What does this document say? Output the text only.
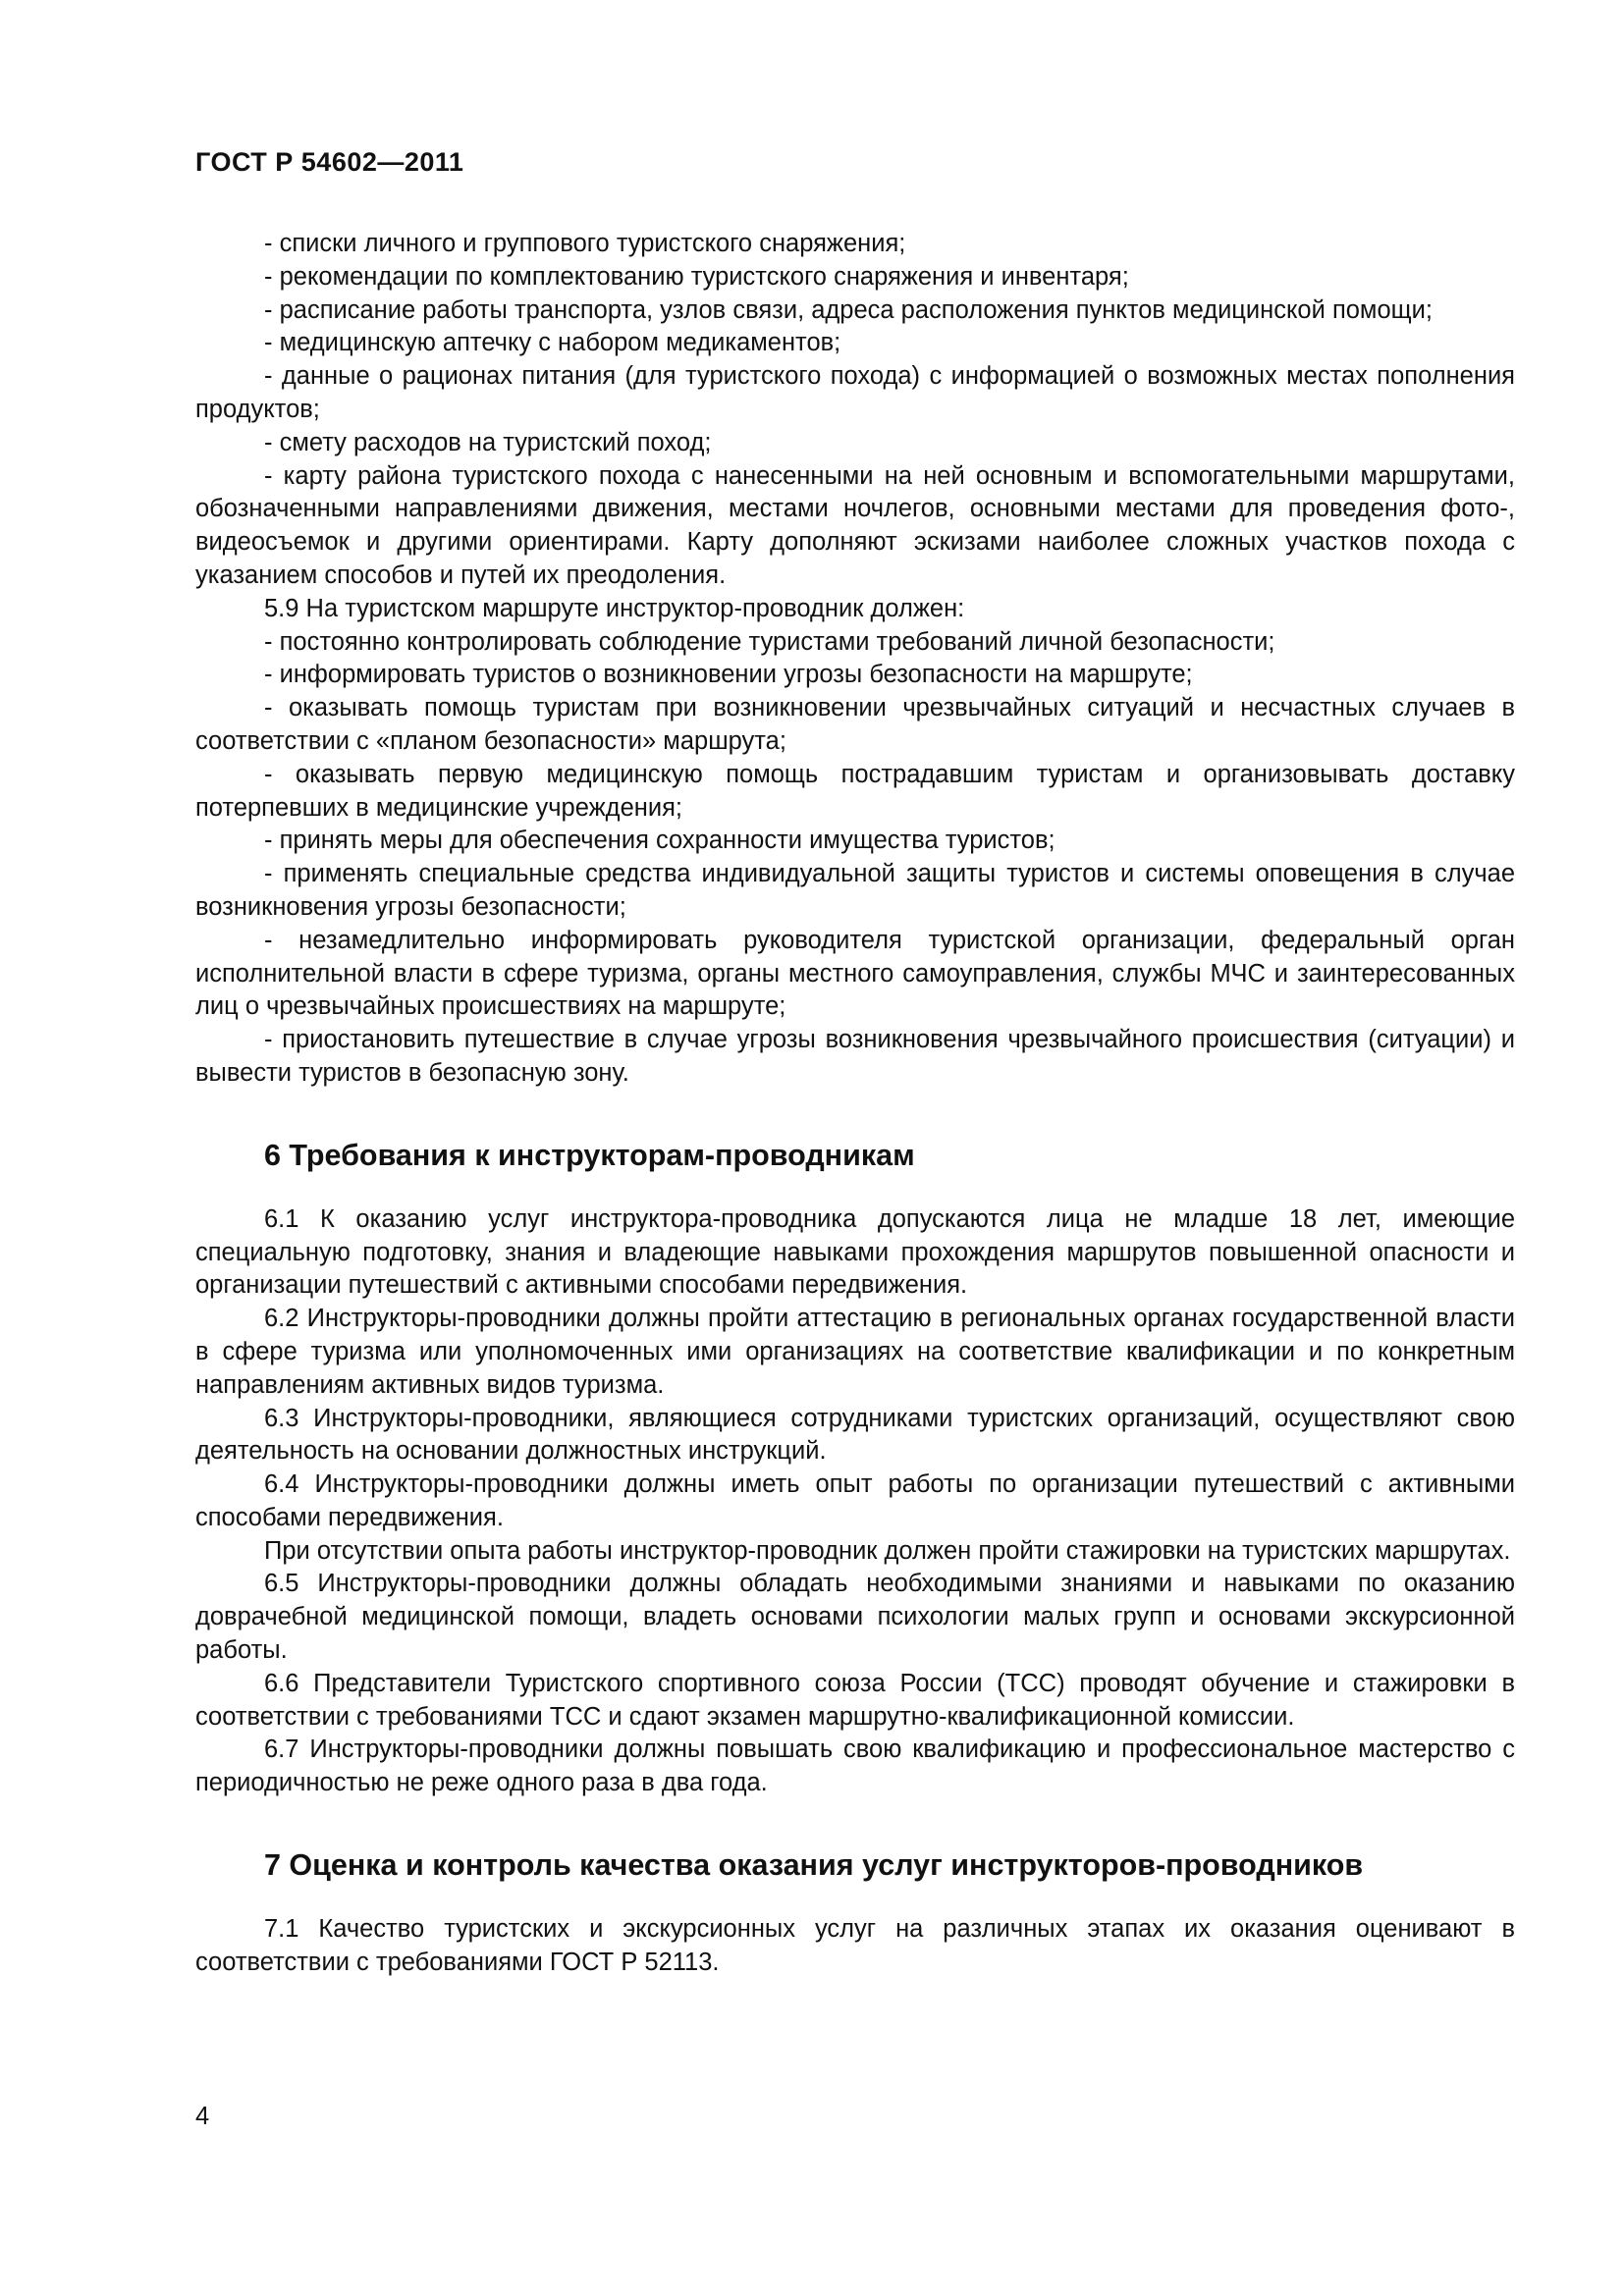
ГОСТ Р 54602—2011

- списки личного и группового туристского снаряжения;

- рекомендации по комплектованию туристского снаряжения и инвентаря;

- расписание работы транспорта, узлов связи, адреса расположения пунктов медицинской помощи;

- медицинскую аптечку с набором медикаментов;

- данные о рационах питания (для туристского похода) с информацией о возможных местах пополнения продуктов;

- смету расходов на туристский поход;

- карту района туристского похода с нанесенными на ней основным и вспомогательными маршрутами, обозначенными направлениями движения, местами ночлегов, основными местами для проведения фото-, видеосъемок и другими ориентирами. Карту дополняют эскизами наиболее сложных участков похода с указанием способов и путей их преодоления.

5.9 На туристском маршруте инструктор-проводник должен:

- постоянно контролировать соблюдение туристами требований личной безопасности;

- информировать туристов о возникновении угрозы безопасности на маршруте;

- оказывать помощь туристам при возникновении чрезвычайных ситуаций и несчастных случаев в соответствии с «планом безопасности» маршрута;

- оказывать первую медицинскую помощь пострадавшим туристам и организовывать доставку потерпевших в медицинские учреждения;

- принять меры для обеспечения сохранности имущества туристов;

- применять специальные средства индивидуальной защиты туристов и системы оповещения в случае возникновения угрозы безопасности;

- незамедлительно информировать руководителя туристской организации, федеральный орган исполнительной власти в сфере туризма, органы местного самоуправления, службы МЧС и заинтересованных лиц о чрезвычайных происшествиях на маршруте;

- приостановить путешествие в случае угрозы возникновения чрезвычайного происшествия (ситуации) и вывести туристов в безопасную зону.

6 Требования к инструкторам-проводникам

6.1 К оказанию услуг инструктора-проводника допускаются лица не младше 18 лет, имеющие специальную подготовку, знания и владеющие навыками прохождения маршрутов повышенной опасности и организации путешествий с активными способами передвижения.

6.2 Инструкторы-проводники должны пройти аттестацию в региональных органах государственной власти в сфере туризма или уполномоченных ими организациях на соответствие квалификации и по конкретным направлениям активных видов туризма.

6.3 Инструкторы-проводники, являющиеся сотрудниками туристских организаций, осуществляют свою деятельность на основании должностных инструкций.

6.4 Инструкторы-проводники должны иметь опыт работы по организации путешествий с активными способами передвижения.

При отсутствии опыта работы инструктор-проводник должен пройти стажировки на туристских маршрутах.

6.5 Инструкторы-проводники должны обладать необходимыми знаниями и навыками по оказанию доврачебной медицинской помощи, владеть основами психологии малых групп и основами экскурсионной работы.

6.6 Представители Туристского спортивного союза России (ТСС) проводят обучение и стажировки в соответствии с требованиями ТСС и сдают экзамен маршрутно-квалификационной комиссии.

6.7 Инструкторы-проводники должны повышать свою квалификацию и профессиональное мастерство с периодичностью не реже одного раза в два года.

7 Оценка и контроль качества оказания услуг инструкторов-проводников

7.1 Качество туристских и экскурсионных услуг на различных этапах их оказания оценивают в соответствии с требованиями ГОСТ Р 52113.

4
